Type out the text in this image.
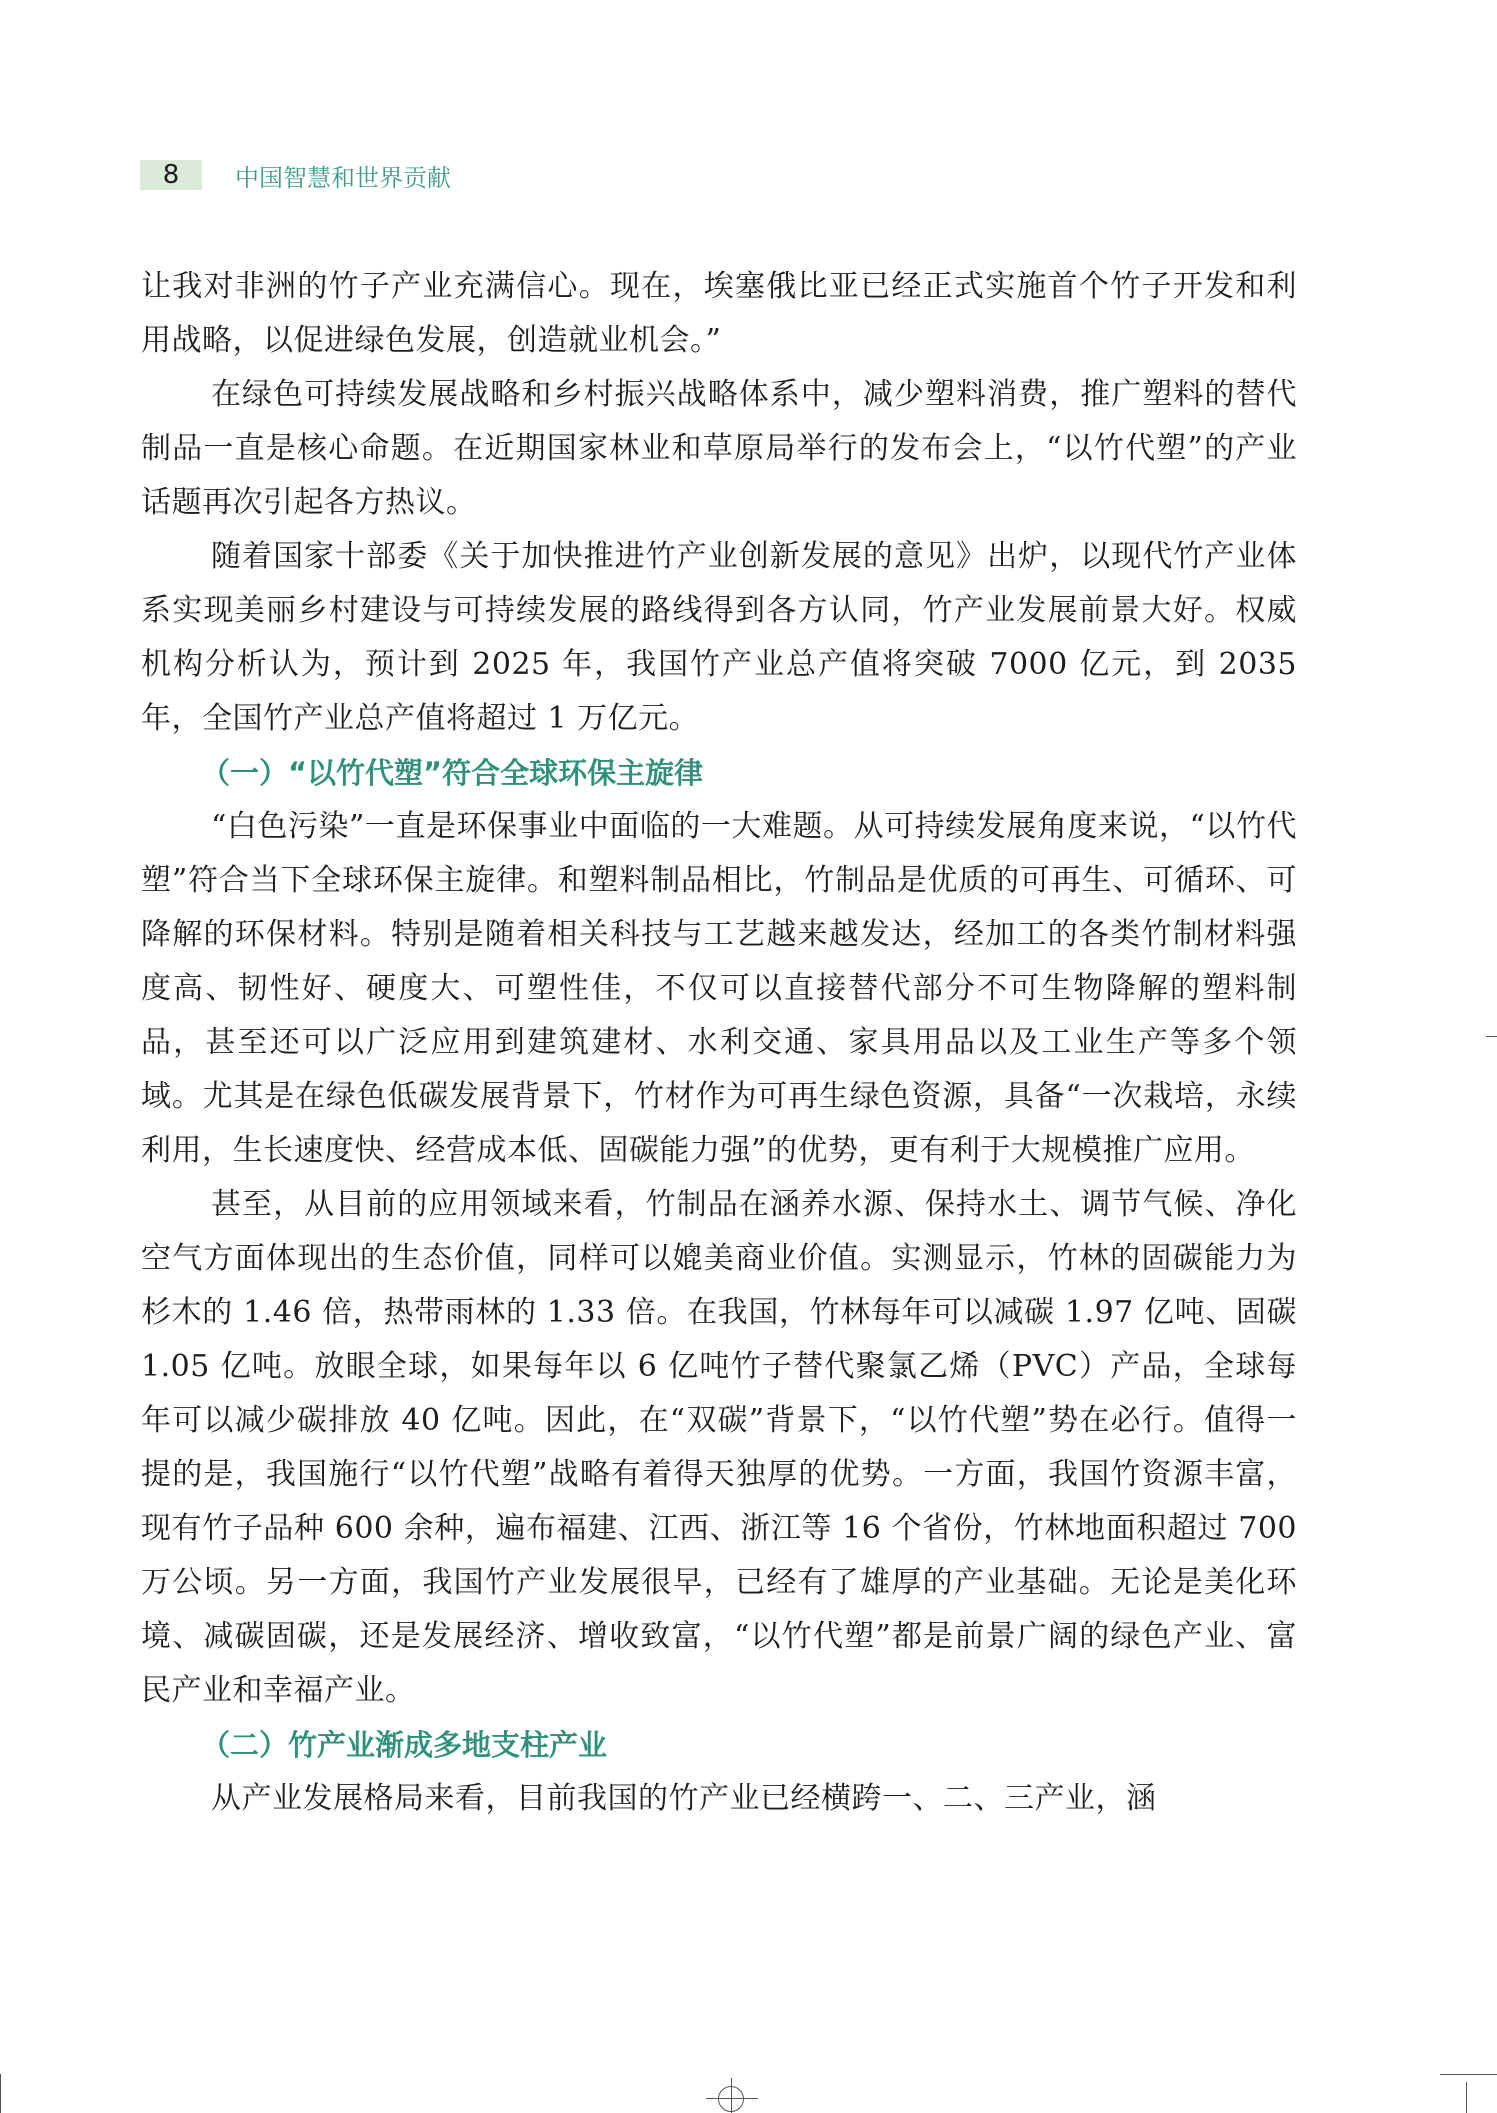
8	中国智慧和世界贡献

让我对非洲的竹子产业充满信心。现在，埃塞俄比亚已经正式实施首个竹子开发和利用战略，以促进绿色发展，创造就业机会。”

在绿色可持续发展战略和乡村振兴战略体系中，减少塑料消费，推广塑料的替代制品一直是核心命题。在近期国家林业和草原局举行的发布会上，“以竹代塑”的产业话题再次引起各方热议。

随着国家十部委《关于加快推进竹产业创新发展的意见》出炉，以现代竹产业体系实现美丽乡村建设与可持续发展的路线得到各方认同，竹产业发展前景大好。权威机构分析认为，预计到 2025 年，我国竹产业总产值将突破 7000 亿元，到 2035 年，全国竹产业总产值将超过 1 万亿元。

（一）“以竹代塑”符合全球环保主旋律

“白色污染”一直是环保事业中面临的一大难题。从可持续发展角度来说，“以竹代塑”符合当下全球环保主旋律。和塑料制品相比，竹制品是优质的可再生、可循环、可降解的环保材料。特别是随着相关科技与工艺越来越发达，经加工的各类竹制材料强度高、韧性好、硬度大、可塑性佳，不仅可以直接替代部分不可生物降解的塑料制品，甚至还可以广泛应用到建筑建材、水利交通、家具用品以及工业生产等多个领域。尤其是在绿色低碳发展背景下，竹材作为可再生绿色资源，具备“一次栽培，永续利用，生长速度快、经营成本低、固碳能力强”的优势，更有利于大规模推广应用。

甚至，从目前的应用领域来看，竹制品在涵养水源、保持水土、调节气候、净化空气方面体现出的生态价值，同样可以媲美商业价值。实测显示，竹林的固碳能力为杉木的 1.46 倍，热带雨林的 1.33 倍。在我国，竹林每年可以减碳 1.97 亿吨、固碳 1.05 亿吨。放眼全球，如果每年以 6 亿吨竹子替代聚氯乙烯（PVC）产品，全球每年可以减少碳排放 40 亿吨。因此，在“双碳”背景下，“以竹代塑”势在必行。值得一提的是，我国施行“以竹代塑”战略有着得天独厚的优势。一方面，我国竹资源丰富，现有竹子品种 600 余种，遍布福建、江西、浙江等 16 个省份，竹林地面积超过 700 万公顷。另一方面，我国竹产业发展很早，已经有了雄厚的产业基础。无论是美化环境、减碳固碳，还是发展经济、增收致富，“以竹代塑”都是前景广阔的绿色产业、富民产业和幸福产业。

（二）竹产业渐成多地支柱产业

从产业发展格局来看，目前我国的竹产业已经横跨一、二、三产业，涵
